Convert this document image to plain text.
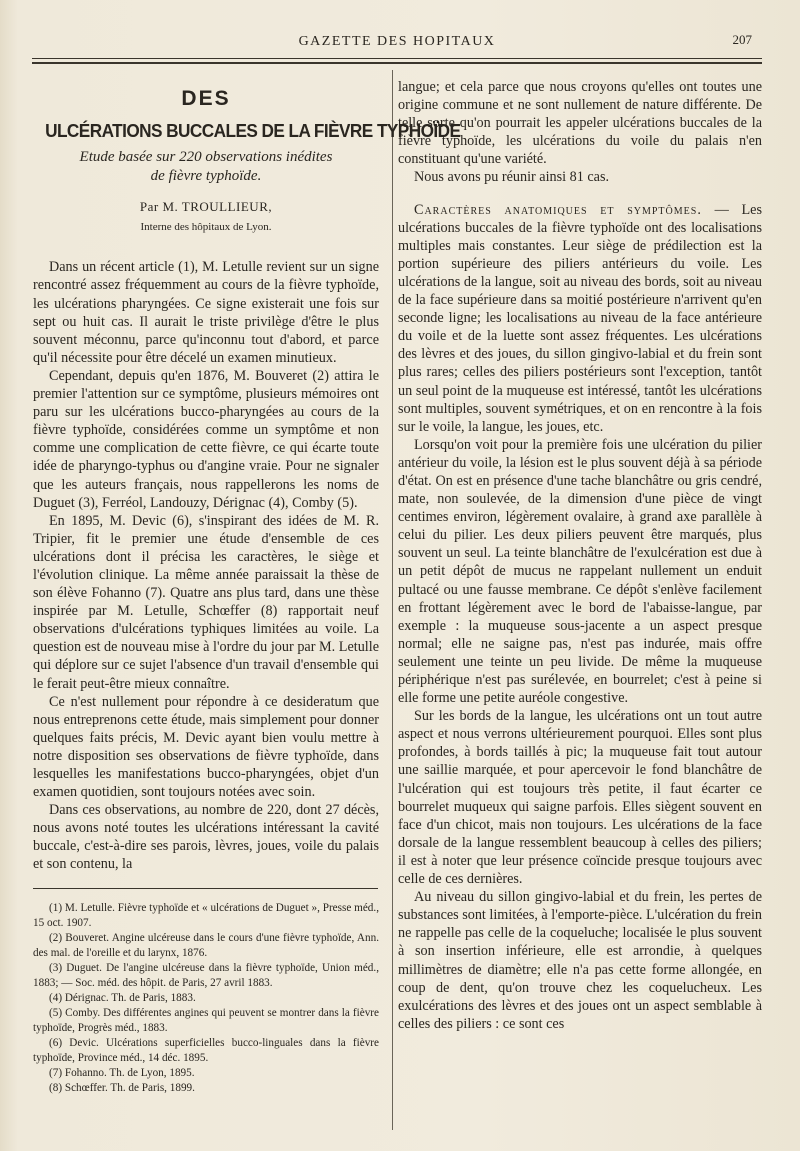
GAZETTE DES HOPITAUX	207
DES
ULCÉRATIONS BUCCALES DE LA FIÈVRE TYPHOÏDE
Etude basée sur 220 observations inédites
de fièvre typhoïde.
Par M. TROULLIEUR,
Interne des hôpitaux de Lyon.

Dans un récent article (1), M. Letulle revient sur un signe rencontré assez fréquemment au cours de la fièvre typhoïde, les ulcérations pharyngées. Ce signe existerait une fois sur sept ou huit cas. Il aurait le triste privilège d'être le plus souvent méconnu, parce qu'inconnu tout d'abord, et parce qu'il nécessite pour être décelé un examen minutieux.

Cependant, depuis qu'en 1876, M. Bouveret (2) attira le premier l'attention sur ce symptôme, plusieurs mémoires ont paru sur les ulcérations bucco-pharyngées au cours de la fièvre typhoïde, considérées comme un symptôme et non comme une complication de cette fièvre, ce qui écarte toute idée de pharyngo-typhus ou d'angine vraie. Pour ne signaler que les auteurs français, nous rappellerons les noms de Duguet (3), Ferréol, Landouzy, Dérignac (4), Comby (5).

En 1895, M. Devic (6), s'inspirant des idées de M. R. Tripier, fit le premier une étude d'ensemble de ces ulcérations dont il précisa les caractères, le siège et l'évolution clinique. La même année paraissait la thèse de son élève Fohanno (7). Quatre ans plus tard, dans une thèse inspirée par M. Letulle, Schœffer (8) rapportait neuf observations d'ulcérations typhiques limitées au voile. La question est de nouveau mise à l'ordre du jour par M. Letulle qui déplore sur ce sujet l'absence d'un travail d'ensemble qui le ferait peut-être mieux connaître.

Ce n'est nullement pour répondre à ce desideratum que nous entreprenons cette étude, mais simplement pour donner quelques faits précis, M. Devic ayant bien voulu mettre à notre disposition ses observations de fièvre typhoïde, dans lesquelles les manifestations bucco-pharyngées, objet d'un examen quotidien, sont toujours notées avec soin.

Dans ces observations, au nombre de 220, dont 27 décès, nous avons noté toutes les ulcérations intéressant la cavité buccale, c'est-à-dire ses parois, lèvres, joues, voile du palais et son contenu, la

(1) M. Letulle. Fièvre typhoïde et « ulcérations de Duguet », Presse méd., 15 oct. 1907.

(2) Bouveret. Angine ulcéreuse dans le cours d'une fièvre typhoïde, Ann. des mal. de l'oreille et du larynx, 1876.

(3) Duguet. De l'angine ulcéreuse dans la fièvre typhoïde, Union méd., 1883; — Soc. méd. des hôpit. de Paris, 27 avril 1883.

(4) Dérignac. Th. de Paris, 1883.

(5) Comby. Des différentes angines qui peuvent se montrer dans la fièvre typhoïde, Progrès méd., 1883.

(6) Devic. Ulcérations superficielles bucco-linguales dans la fièvre typhoïde, Province méd., 14 déc. 1895.

(7) Fohanno. Th. de Lyon, 1895.

(8) Schœffer. Th. de Paris, 1899.

langue; et cela parce que nous croyons qu'elles ont toutes une origine commune et ne sont nullement de nature différente. De telle sorte qu'on pourrait les appeler ulcérations buccales de la fièvre typhoïde, les ulcérations du voile du palais n'en constituant qu'une variété.

Nous avons pu réunir ainsi 81 cas.

Caractères anatomiques et symptômes. — Les ulcérations buccales de la fièvre typhoïde ont des localisations multiples mais constantes. Leur siège de prédilection est la portion supérieure des piliers antérieurs du voile. Les ulcérations de la langue, soit au niveau des bords, soit au niveau de la face supérieure dans sa moitié postérieure n'arrivent qu'en seconde ligne; les localisations au niveau de la face antérieure du voile et de la luette sont assez fréquentes. Les ulcérations des lèvres et des joues, du sillon gingivo-labial et du frein sont plus rares; celles des piliers postérieurs sont l'exception, tantôt un seul point de la muqueuse est intéressé, tantôt les ulcérations sont multiples, souvent symétriques, et on en rencontre à la fois sur le voile, la langue, les joues, etc.

Lorsqu'on voit pour la première fois une ulcération du pilier antérieur du voile, la lésion est le plus souvent déjà à sa période d'état. On est en présence d'une tache blanchâtre ou gris cendré, mate, non soulevée, de la dimension d'une pièce de vingt centimes environ, légèrement ovalaire, à grand axe parallèle à celui du pilier. Les deux piliers peuvent être marqués, plus souvent un seul. La teinte blanchâtre de l'exulcération est due à un petit dépôt de mucus ne rappelant nullement un enduit pultacé ou une fausse membrane. Ce dépôt s'enlève facilement en frottant légèrement avec le bord de l'abaisse-langue, par exemple : la muqueuse sous-jacente a un aspect presque normal; elle ne saigne pas, n'est pas indurée, mais offre seulement une teinte un peu livide. De même la muqueuse périphérique n'est pas surélevée, en bourrelet; c'est à peine si elle forme une petite auréole congestive.

Sur les bords de la langue, les ulcérations ont un tout autre aspect et nous verrons ultérieurement pourquoi. Elles sont plus profondes, à bords taillés à pic; la muqueuse fait tout autour une saillie marquée, et pour apercevoir le fond blanchâtre de l'ulcération qui est toujours très petite, il faut écarter ce bourrelet muqueux qui saigne parfois. Elles siègent souvent en face d'un chicot, mais non toujours. Les ulcérations de la face dorsale de la langue ressemblent beaucoup à celles des piliers; il est à noter que leur présence coïncide presque toujours avec celle de ces dernières.

Au niveau du sillon gingivo-labial et du frein, les pertes de substances sont limitées, à l'emporte-pièce. L'ulcération du frein ne rappelle pas celle de la coqueluche; localisée le plus souvent à son insertion inférieure, elle est arrondie, à quelques millimètres de diamètre; elle n'a pas cette forme allongée, en coup de dent, qu'on trouve chez les coquelucheux. Les exulcérations des lèvres et des joues ont un aspect semblable à celles des piliers : ce sont ces
